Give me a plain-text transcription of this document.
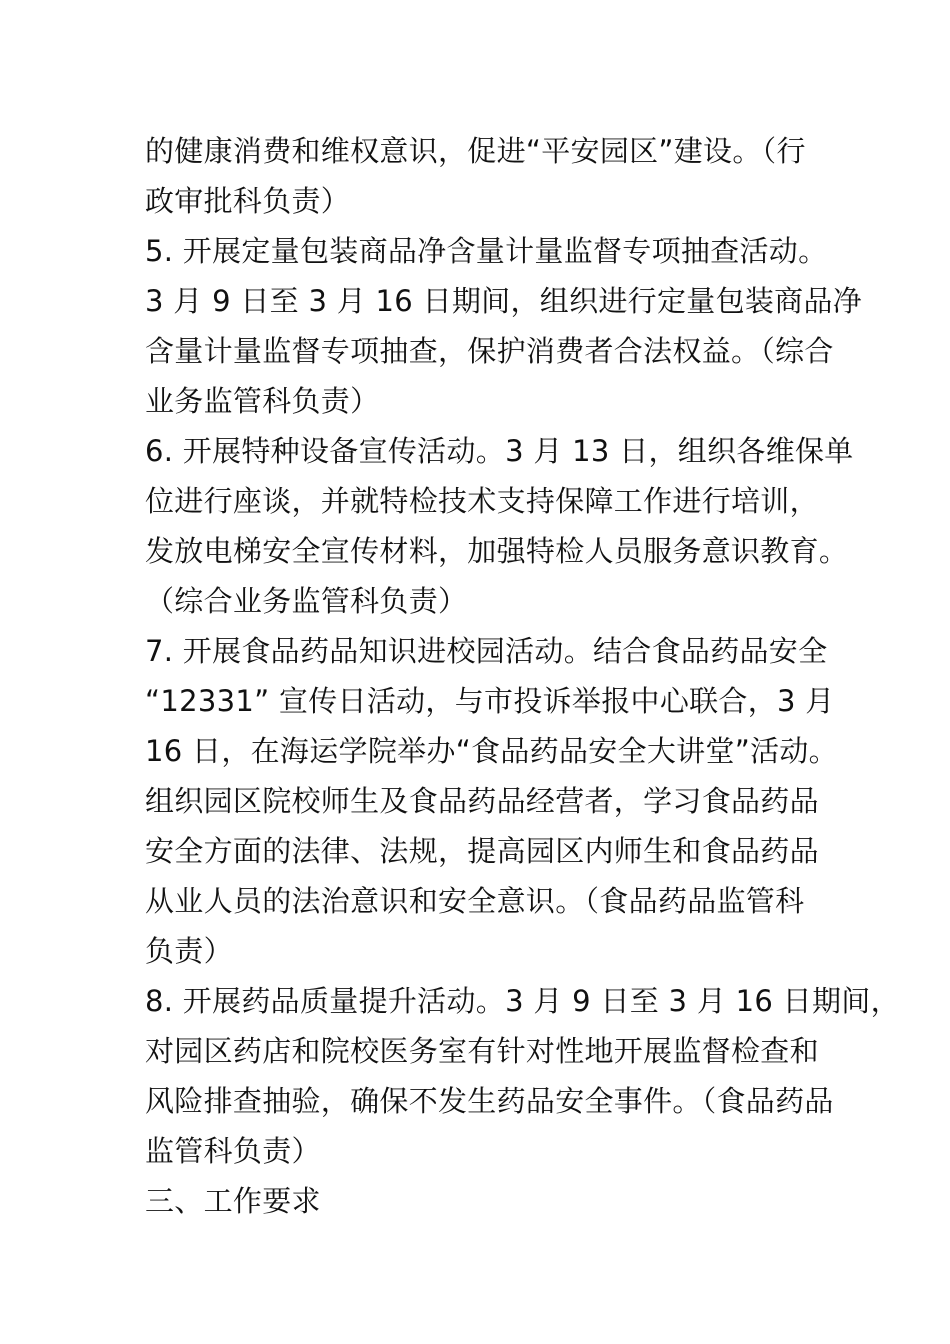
的健康消费和维权意识，促进“平安园区”建设。（行
政审批科负责）
5. 开展定量包装商品净含量计量监督专项抽查活动。
3 月 9 日至 3 月 16 日期间，组织进行定量包装商品净
含量计量监督专项抽查，保护消费者合法权益。（综合
业务监管科负责）
6. 开展特种设备宣传活动。3 月 13 日，组织各维保单
位进行座谈，并就特检技术支持保障工作进行培训，
发放电梯安全宣传材料，加强特检人员服务意识教育。
（综合业务监管科负责）
7. 开展食品药品知识进校园活动。结合食品药品安全
“12331” 宣传日活动，与市投诉举报中心联合，3 月
16 日，在海运学院举办“食品药品安全大讲堂”活动。
组织园区院校师生及食品药品经营者，学习食品药品
安全方面的法律、法规，提高园区内师生和食品药品
从业人员的法治意识和安全意识。（食品药品监管科
负责）
8. 开展药品质量提升活动。3 月 9 日至 3 月 16 日期间，
对园区药店和院校医务室有针对性地开展监督检查和
风险排查抽验，确保不发生药品安全事件。（食品药品
监管科负责）
三、工作要求
